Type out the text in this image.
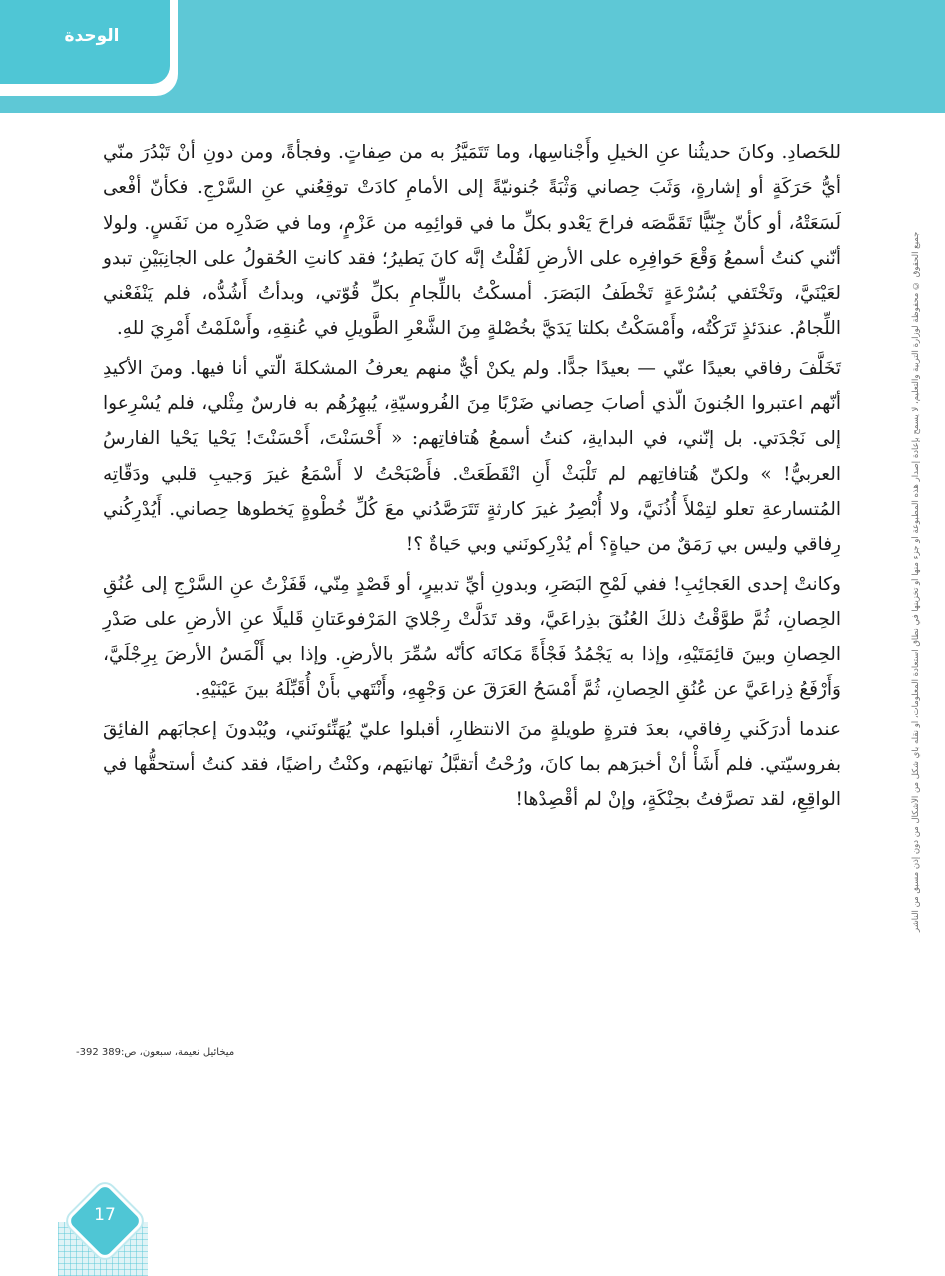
الوحدة
جميع الحقوق © محفوظة لوزارة التربية والتعليم، لا يسمح بإعادة إصدار هذه المطبوعة أو جزء منها أو تخزينها في نطاق استعادة المعلومات، أو نقله بأي شكل من الأشكال من دون إذن مسبق من الناشر

للحَصادِ. وكانَ حديثُنا عنِ الخيلِ وأَجْناسِها، وما تَتَمَيَّزُ به من صِفاتٍ. وفجأةً، ومن دونِ أنْ تَبْدُرَ منّي أيُّ حَرَكَةٍ أو إشارةٍ، وَثَبَ حِصاني وَثْبَةً جُنونيّةً إلى الأمامِ كادَتْ توقِعُني عنِ السَّرْجِ. فكأنّ أفْعى لَسَعَتْهُ، أو كأنّ جِنّيًّا تَقَمَّصَه فراحَ يَعْدو بكلِّ ما في قوائِمِه من عَزْمٍ، وما في صَدْرِه من نَفَسٍ. ولولا أنّني كنتُ أسمعُ وَقْعَ حَوافِرِه على الأرضِ لَقُلْتُ إنَّه كانَ يَطيرُ؛ فقد كانتِ الحُقولُ على الجانِبَيْنِ تبدو لعَيْنَيَّ، وتَخْتَفي بُسُرْعَةٍ تَخْطَفُ البَصَرَ. أمسكْتُ باللِّجامِ بكلِّ قُوّتي، وبدأتُ أَشُدُّه، فلم يَنْفَعْني اللِّجامُ. عندَئذٍ تَرَكْتُه، وأَمْسَكْتُ بكلتا يَدَيَّ بخُصْلةٍ مِنَ الشَّعْرِ الطَّويلِ في عُنقِهِ، وأَسْلَمْتُ أَمْرِيَ للهِ.

تَخَلَّفَ رفاقي بعيدًا عنّي — بعيدًا جدًّا. ولم يكنْ أيٌّ منهم يعرفُ المشكلةَ الّتي أنا فيها. ومنَ الأكيدِ أنّهم اعتبروا الجُنونَ الّذي أصابَ حِصاني ضَرْبًا مِنَ الفُروسيّةِ، يُبهِرُهُم به فارسٌ مِثْلي، فلم يُسْرِعوا إلى نَجْدَتي. بل إنّني، في البدايةِ، كنتُ أسمعُ هُتافاتِهم: « أَحْسَنْتَ، أَحْسَنْتَ! يَحْيا يَحْيا الفارسُ العربيُّ! » ولكنّ هُتافاتِهم لم تَلْبَثْ أَنِ انْقَطَعَتْ. فأَصْبَحْتُ لا أَسْمَعُ غيرَ وَجيبِ قلبي ودَقّاتِه المُتسارعةِ تعلو لتِمْلأَ أُذُنَيَّ، ولا أُبْصِرُ غيرَ كارثةٍ تَتَرَصَّدُني معَ كُلِّ خُطْوةٍ يَخطوها حِصاني. أَيُدْرِكُني رِفاقي وليس بي رَمَقٌ من حياةٍ؟ أم يُدْرِكونَني وبي حَياةٌ ؟!

وكانتْ إحدى العَجائِبِ! ففي لَمْحِ البَصَرِ، وبدونِ أيِّ تدبيرٍ، أو قَصْدٍ مِنّي، قَفَزْتُ عنِ السَّرْجِ إلى عُنُقِ الحِصانِ، ثُمَّ طوَّقْتُ ذلكَ العُنُقَ بذِراعَيَّ، وقد تَدَلَّتْ رِجْلايَ المَرْفوعَتانِ قَليلًا عنِ الأرضِ على صَدْرِ الحِصانِ وبينَ قائِمَتَيْهِ، وإذا به يَجْمُدُ فَجْأَةً مَكانَه كأنّه سُمِّرَ بالأرضِ. وإذا بي أَلْمَسُ الأرضَ بِرِجْلَيَّ، وَأَرْفَعُ ذِراعَيَّ عن عُنُقِ الحِصانِ، ثُمَّ أَمْسَحُ العَرَقَ عن وَجْهِهِ، وأَنْتَهي بأَنْ أُقَبِّلَهُ بينَ عَيْنَيْهِ.

عندما أدرَكَني رِفاقي، بعدَ فترةٍ طويلةٍ منَ الانتظارِ، أقبلوا عليّ يُهَنِّئونَني، ويُبْدونَ إعجابَهم الفائِقَ بفروسيّتي. فلم أَشَأْ أنْ أخبرَهم بما كانَ، ورُحْتُ أتقبَّلُ تهانيَهم، وكنْتُ راضيًا، فقد كنتُ أستحقُّها في الواقِعِ، لقد تصرَّفتُ بحِنْكَةٍ، وإنْ لم أقْصِدْها!

ميخائيل نعيمة، سبعون، ص:389 392-
17
